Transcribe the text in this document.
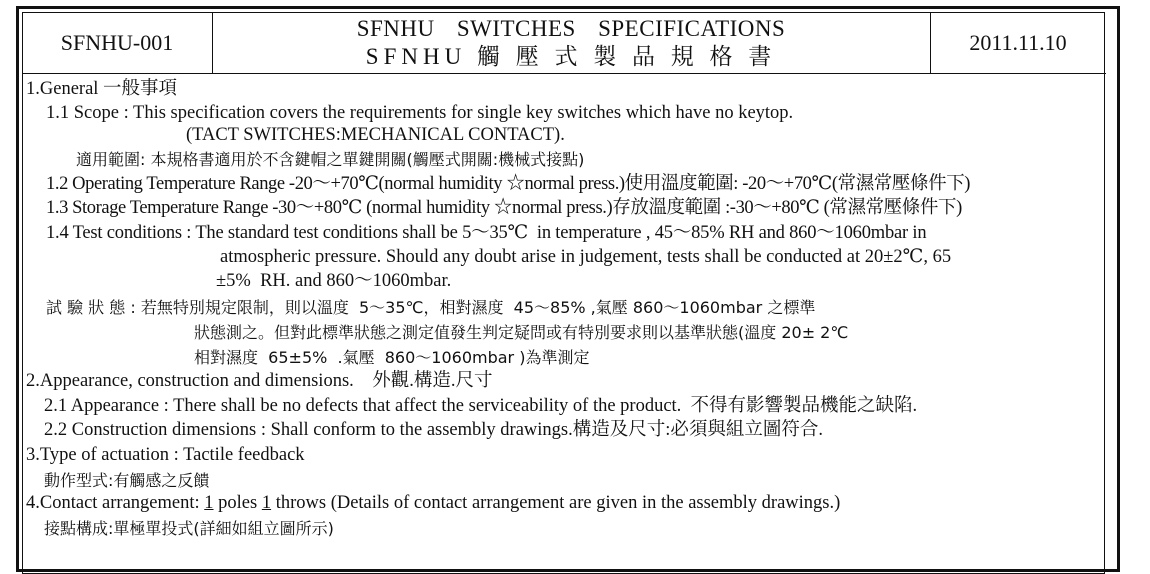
SFNHU-001
SFNHU SWITCHES SPECIFICATIONS
SFNHU 觸 壓 式 製 品 規 格 書
2011.11.10
1.General 一般事項
1.1 Scope : This specification covers the requirements for single key switches which have no keytop.
(TACT SWITCHES:MECHANICAL CONTACT).
適用範圍: 本規格書適用於不含鍵帽之單鍵開關(觸壓式開關:機械式接點)
1.2 Operating Temperature Range -20～+70℃(normal humidity ☆normal press.)使用溫度範圍: -20～+70℃(常濕常壓條件下)
1.3 Storage Temperature Range -30～+80℃ (normal humidity ☆normal press.)存放溫度範圍 :-30～+80℃ (常濕常壓條件下)
1.4 Test conditions : The standard test conditions shall be 5～35℃  in temperature , 45～85% RH and 860～1060mbar in
atmospheric pressure. Should any doubt arise in judgement, tests shall be conducted at 20±2℃, 65
±5%  RH. and 860～1060mbar.
試 驗 狀 態 : 若無特別規定限制，則以溫度  5～35℃，相對濕度  45～85% ,氣壓 860～1060mbar 之標準
狀態測之。但對此標準狀態之測定值發生判定疑問或有特別要求則以基準狀態(溫度 20± 2℃
相對濕度  65±5%  .氣壓  860～1060mbar )為準測定
2.Appearance, construction and dimensions.    外觀.構造.尺寸
2.1 Appearance : There shall be no defects that affect the serviceability of the product.  不得有影響製品機能之缺陷.
2.2 Construction dimensions : Shall conform to the assembly drawings.構造及尺寸:必須與組立圖符合.
3.Type of actuation : Tactile feedback
動作型式:有觸感之反饋
4.Contact arrangement: 1 poles 1 throws (Details of contact arrangement are given in the assembly drawings.)
接點構成:單極單投式(詳細如組立圖所示)
